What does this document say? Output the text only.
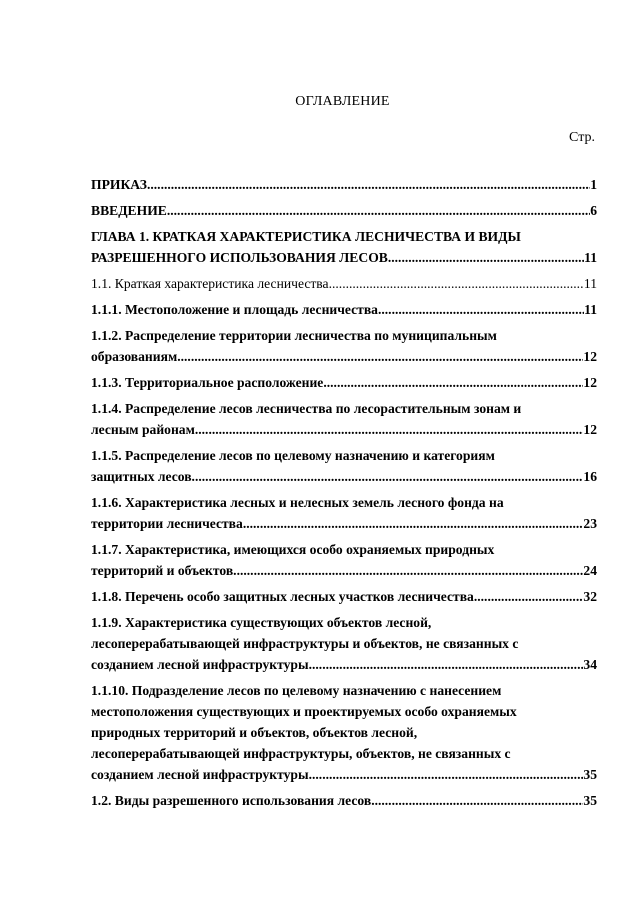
ОГЛАВЛЕНИЕ
Стр.
ПРИКАЗ .....	1
ВВЕДЕНИЕ .....	6
ГЛАВА 1. КРАТКАЯ ХАРАКТЕРИСТИКА ЛЕСНИЧЕСТВА И ВИДЫ
РАЗРЕШЕННОГО ИСПОЛЬЗОВАНИЯ ЛЕСОВ .....	11
1.1. Краткая характеристика лесничества .....	11
1.1.1. Местоположение и площадь лесничества .....	11
1.1.2. Распределение территории лесничества по муниципальным
образованиям .....	12
1.1.3. Территориальное расположение .....	12
1.1.4. Распределение лесов лесничества по лесорастительным зонам и
лесным районам .....	12
1.1.5. Распределение лесов по целевому назначению и категориям
защитных лесов .....	16
1.1.6. Характеристика лесных и нелесных земель лесного фонда на
территории лесничества .....	23
1.1.7. Характеристика, имеющихся особо охраняемых природных
территорий и объектов .....	24
1.1.8. Перечень особо защитных лесных участков лесничества .....	32
1.1.9. Характеристика существующих объектов лесной,
лесоперерабатывающей инфраструктуры и объектов, не связанных с
созданием лесной инфраструктуры .....	34
1.1.10. Подразделение лесов по целевому назначению с нанесением
местоположения существующих и проектируемых особо охраняемых
природных территорий и объектов, объектов лесной,
лесоперерабатывающей инфраструктуры, объектов, не связанных с
созданием лесной инфраструктуры .....	35
1.2. Виды разрешенного использования лесов .....	35
